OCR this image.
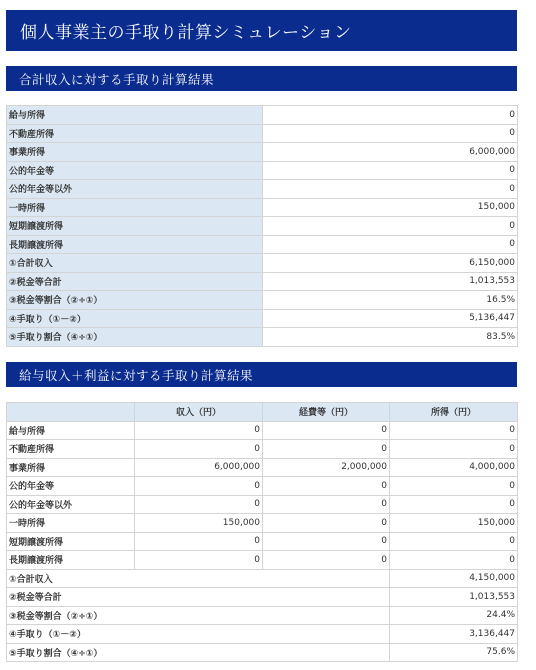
個人事業主の手取り計算シミュレーション
合計収入に対する手取り計算結果
給与所得	0
不動産所得	0
事業所得	6,000,000
公的年金等	0
公的年金等以外	0
一時所得	150,000
短期譲渡所得	0
長期譲渡所得	0
①合計収入	6,150,000
②税金等合計	1,013,553
③税金等割合（②÷①）	16.5%
④手取り（①－②）	5,136,447
⑤手取り割合（④÷①）	83.5%
給与収入＋利益に対する手取り計算結果
	収入（円）	経費等（円）	所得（円）
給与所得	0	0	0
不動産所得	0	0	0
事業所得	6,000,000	2,000,000	4,000,000
公的年金等	0	0	0
公的年金等以外	0	0	0
一時所得	150,000	0	150,000
短期譲渡所得	0	0	0
長期譲渡所得	0	0	0
①合計収入			4,150,000
②税金等合計			1,013,553
③税金等割合（②÷①）			24.4%
④手取り（①－②）			3,136,447
⑤手取り割合（④÷①）			75.6%
